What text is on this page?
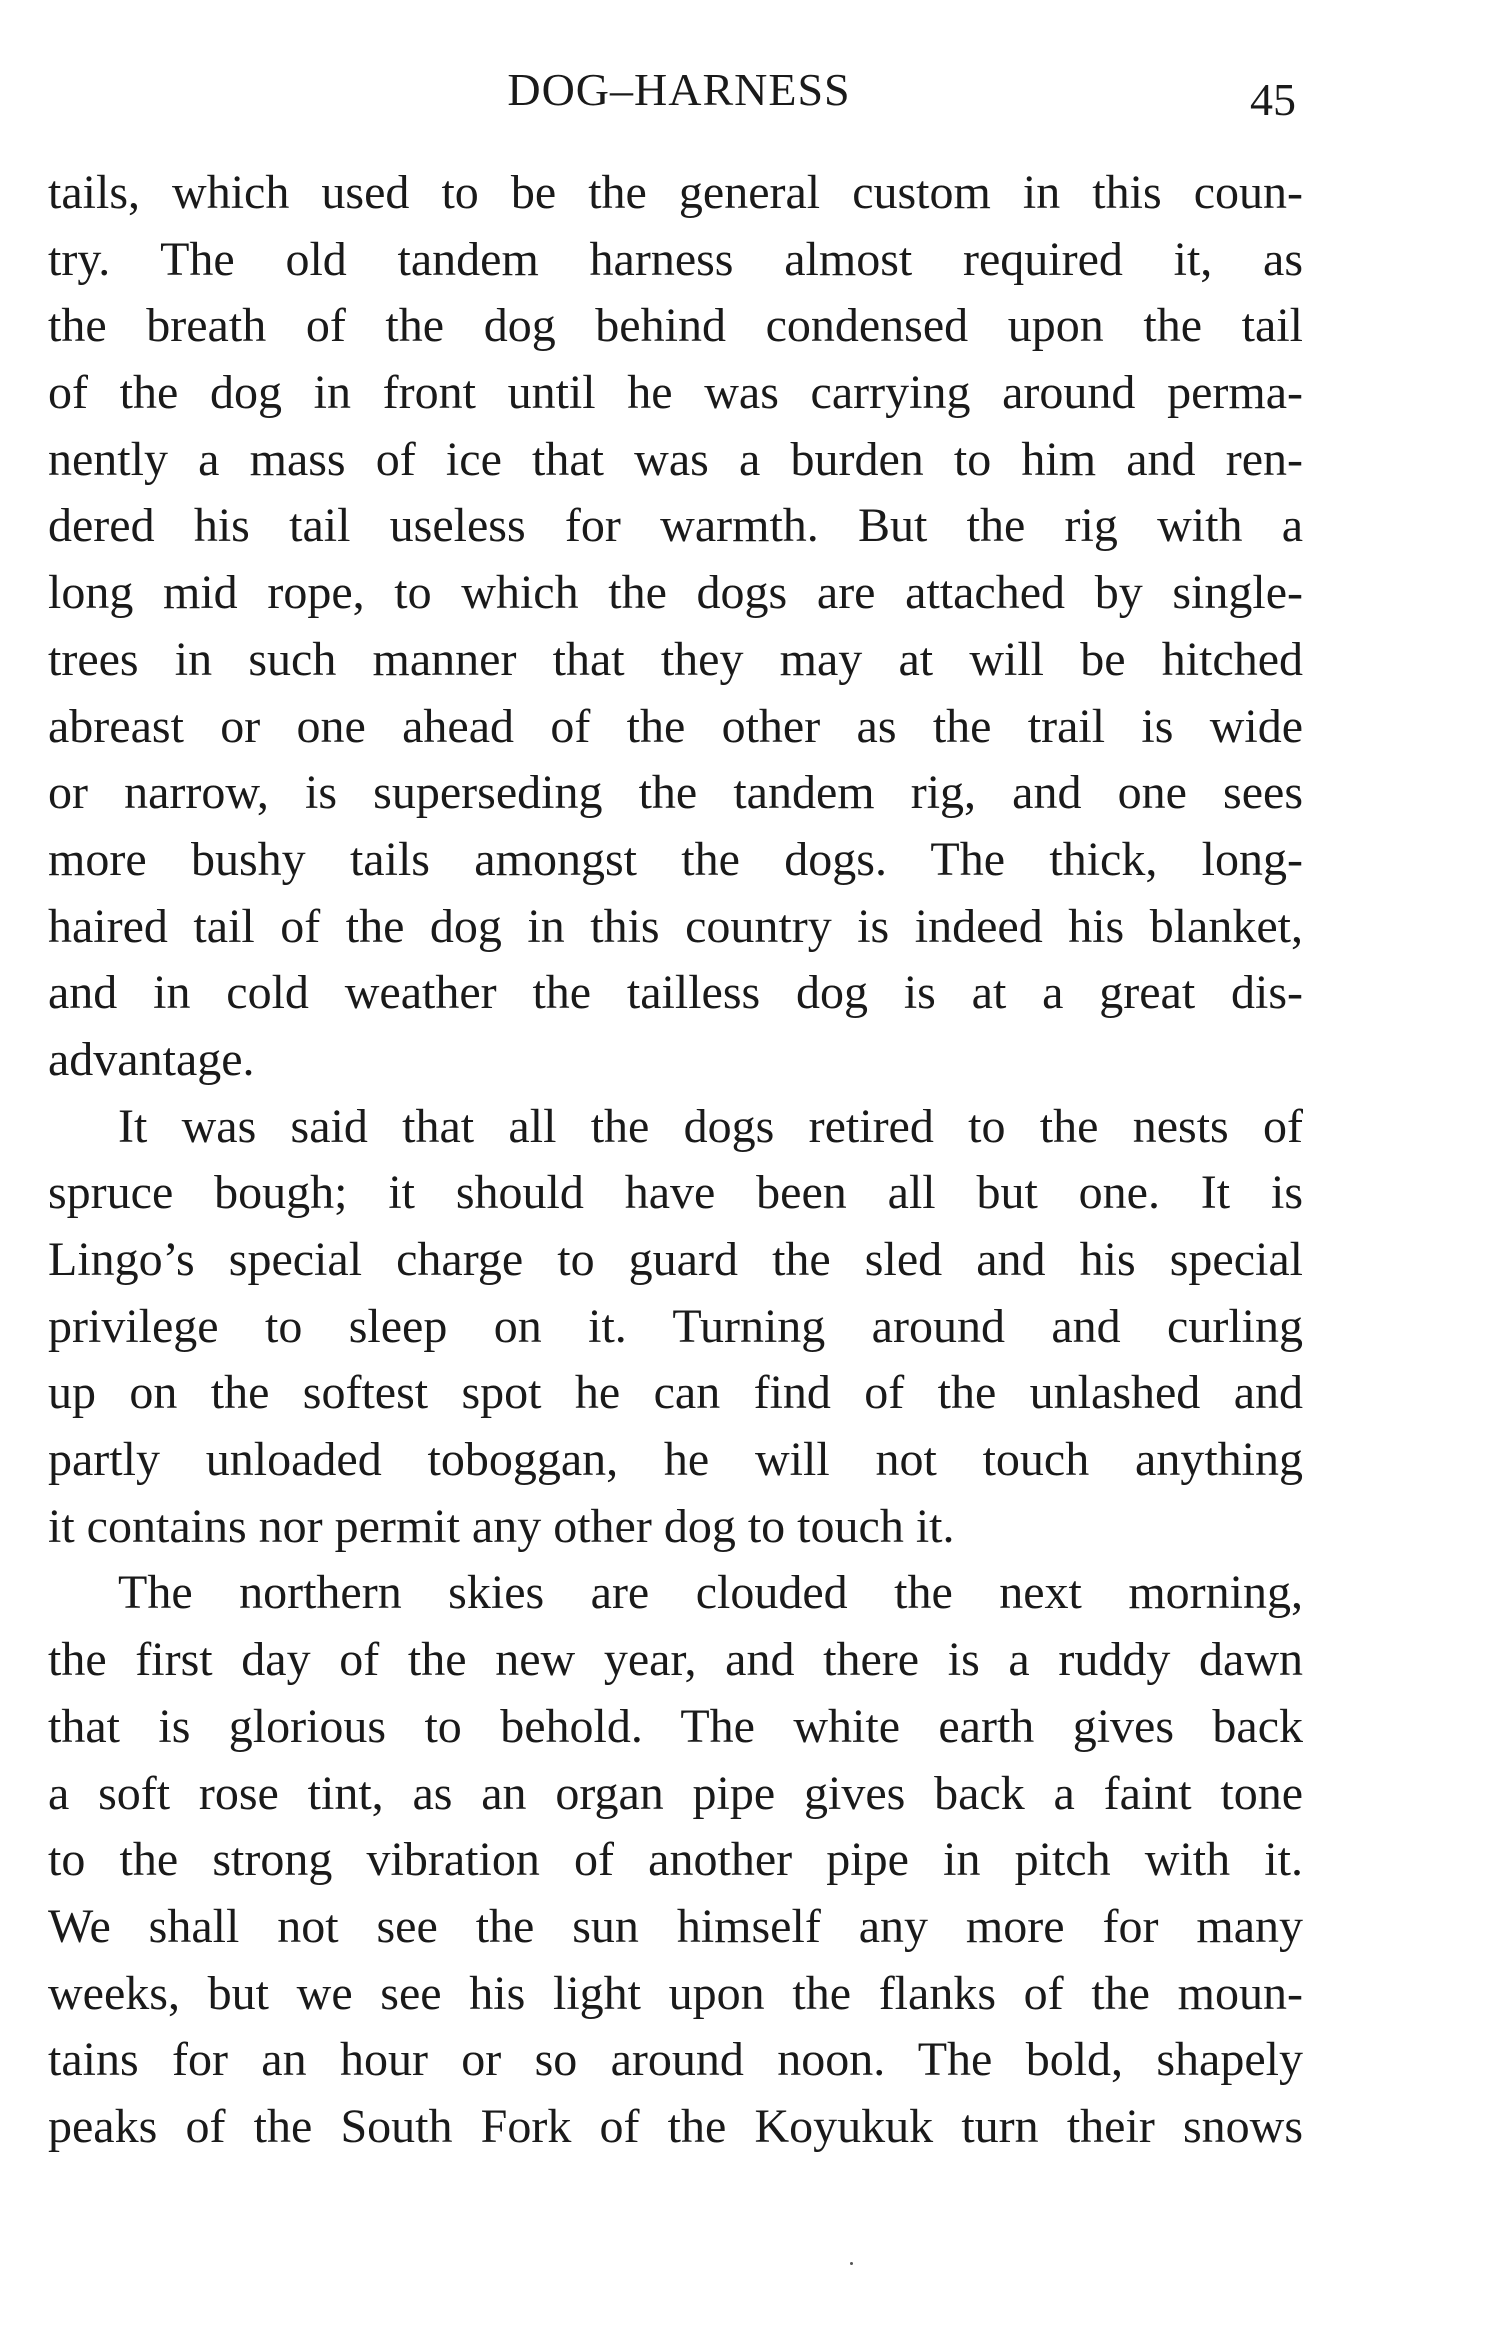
DOG–HARNESS	45
tails, which used to be the general custom in this coun-
try. The old tandem harness almost required it, as
the breath of the dog behind condensed upon the tail
of the dog in front until he was carrying around perma-
nently a mass of ice that was a burden to him and ren-
dered his tail useless for warmth. But the rig with a
long mid rope, to which the dogs are attached by single-
trees in such manner that they may at will be hitched
abreast or one ahead of the other as the trail is wide
or narrow, is superseding the tandem rig, and one sees
more bushy tails amongst the dogs. The thick, long-
haired tail of the dog in this country is indeed his blanket,
and in cold weather the tailless dog is at a great dis-
advantage.
It was said that all the dogs retired to the nests of
spruce bough; it should have been all but one. It is
Lingo’s special charge to guard the sled and his special
privilege to sleep on it. Turning around and curling
up on the softest spot he can find of the unlashed and
partly unloaded toboggan, he will not touch anything
it contains nor permit any other dog to touch it.
The northern skies are clouded the next morning,
the first day of the new year, and there is a ruddy dawn
that is glorious to behold. The white earth gives back
a soft rose tint, as an organ pipe gives back a faint tone
to the strong vibration of another pipe in pitch with it.
We shall not see the sun himself any more for many
weeks, but we see his light upon the flanks of the moun-
tains for an hour or so around noon. The bold, shapely
peaks of the South Fork of the Koyukuk turn their snows
